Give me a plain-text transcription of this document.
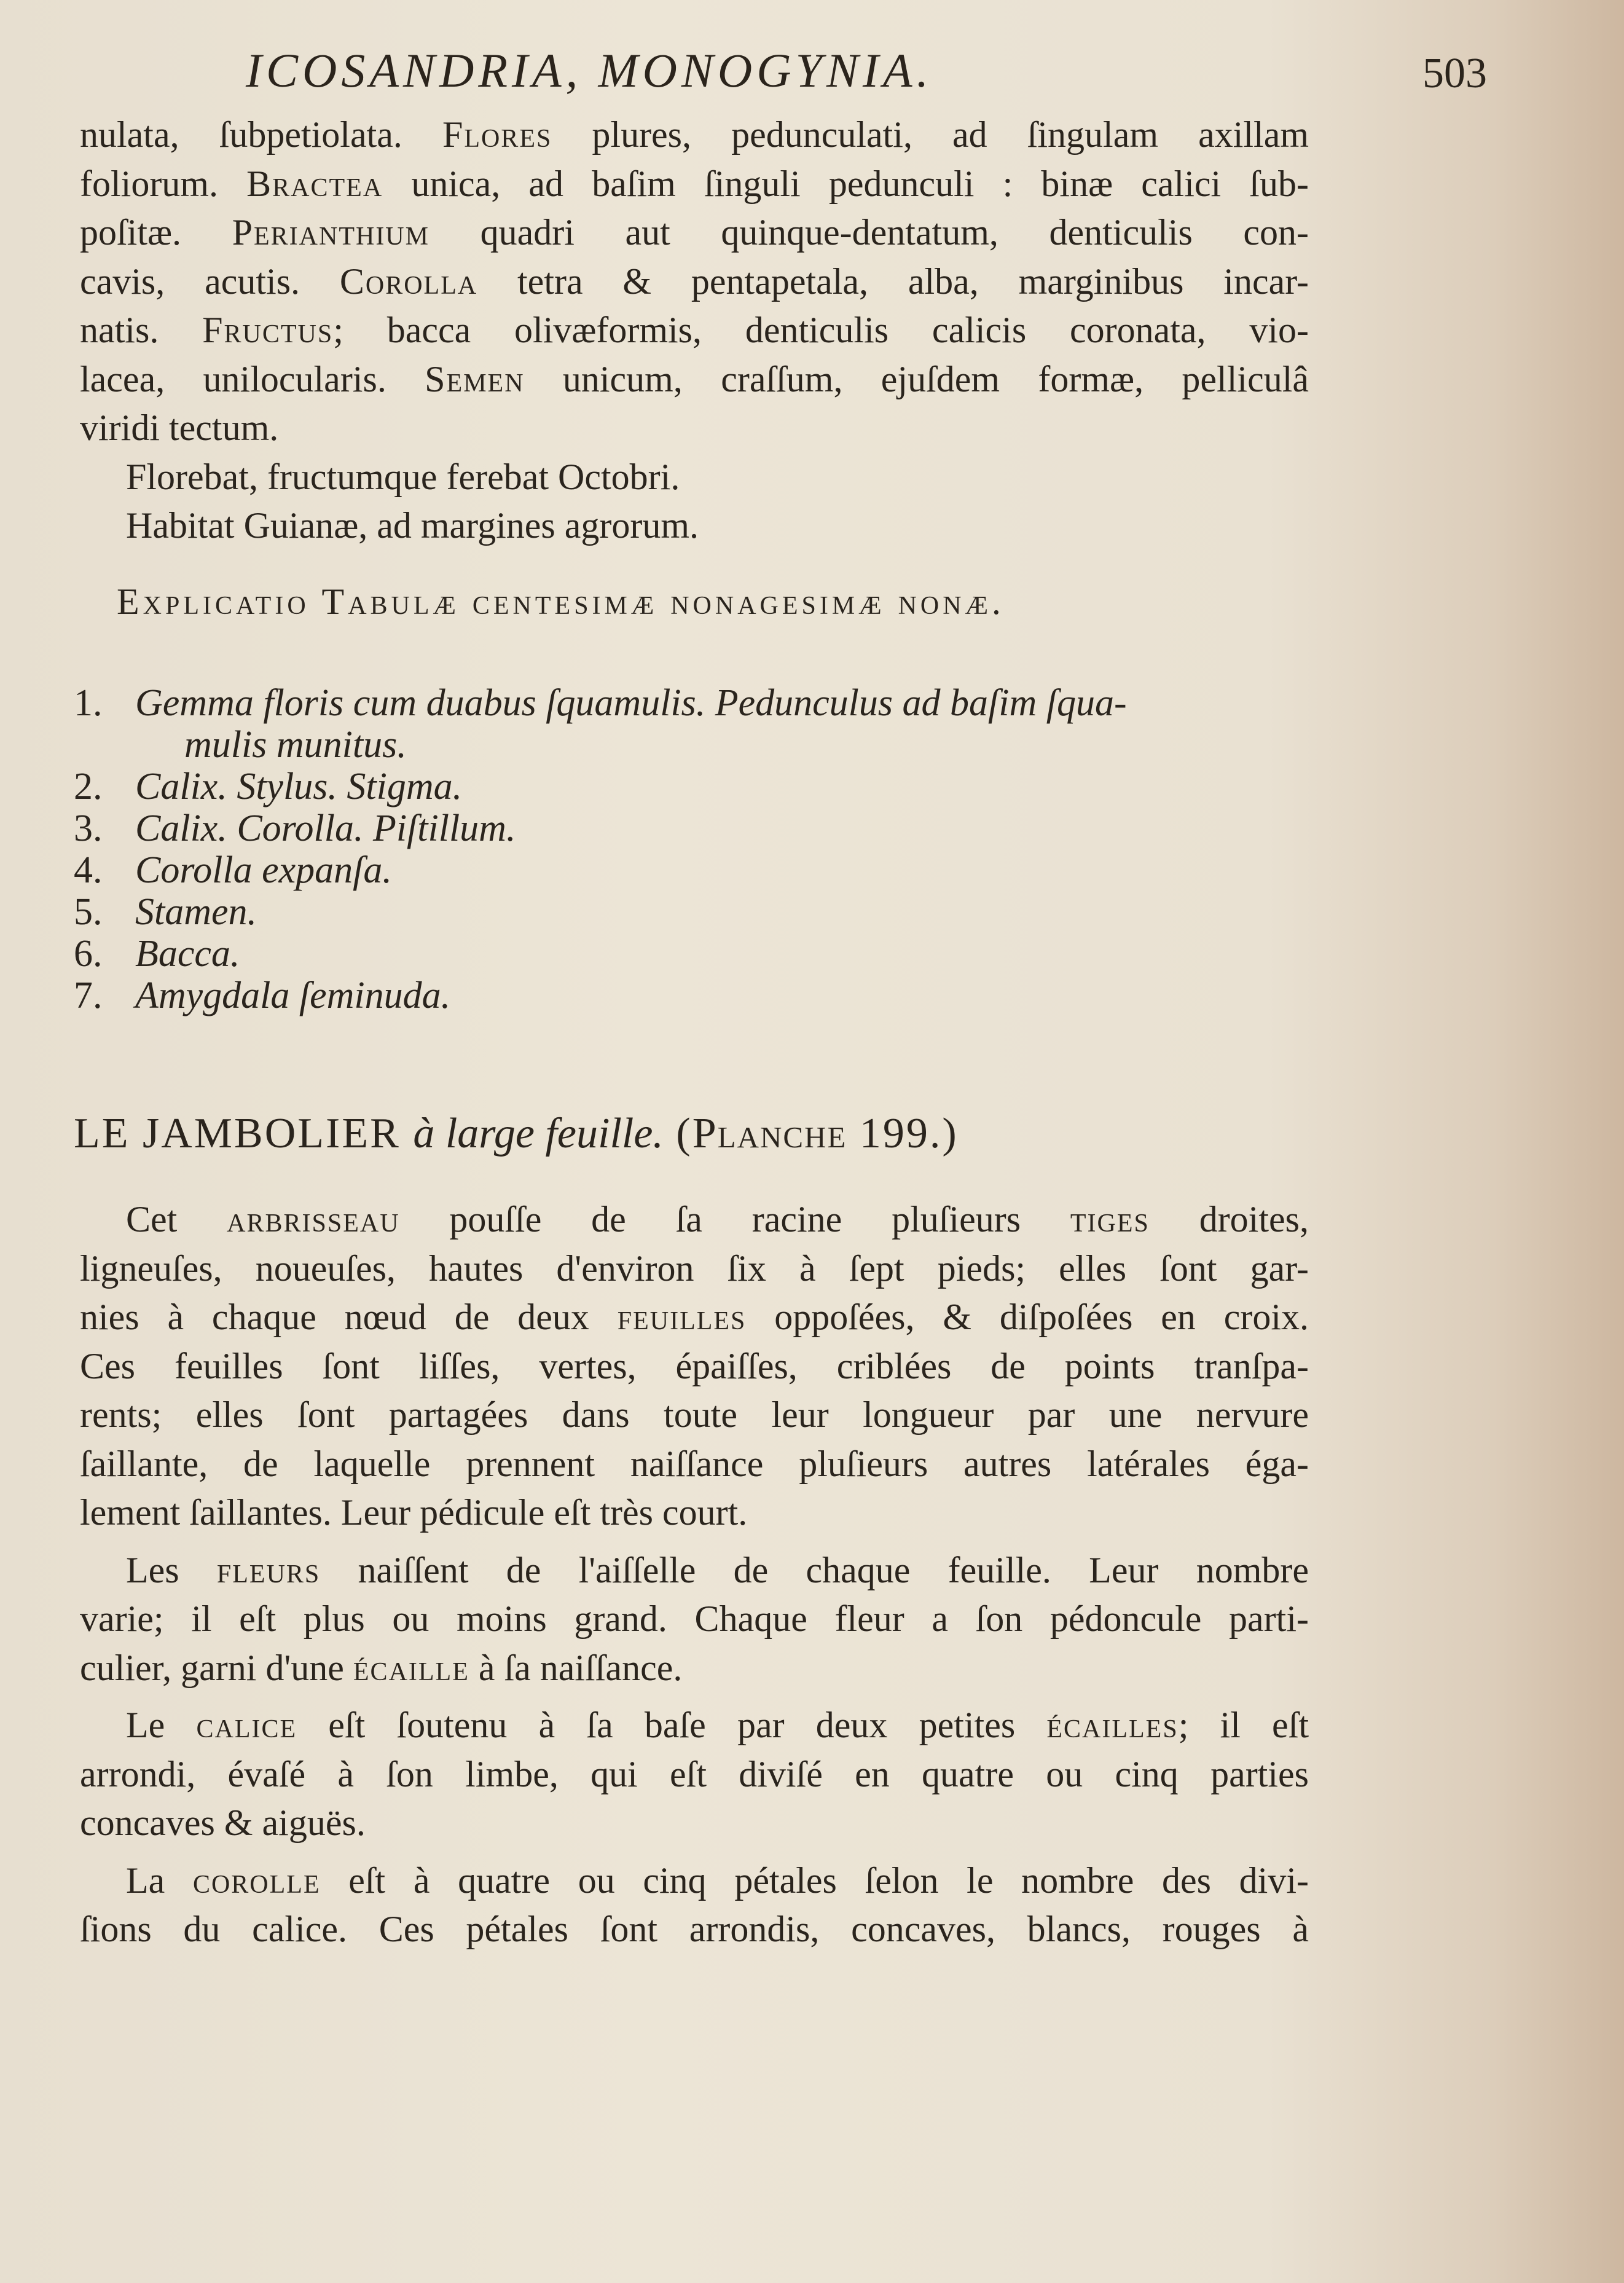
ICOSANDRIA, MONOGYNIA.	503
nulata, ſubpetiolata. Flores plures, pedunculati, ad ſingulam axillam
foliorum. Bractea unica, ad baſim ſinguli pedunculi : binæ calici ſub-
poſitæ. Perianthium quadri aut quinque-dentatum, denticulis con-
cavis, acutis. Corolla tetra & pentapetala, alba, marginibus incar-
natis. Fructus; bacca olivæformis, denticulis calicis coronata, vio-
lacea, unilocularis. Semen unicum, craſſum, ejuſdem formæ, pelliculâ
viridi tectum.
Florebat, fructumque ferebat Octobri.
Habitat Guianæ, ad margines agrorum.
Explicatio Tabulæ centesimæ nonagesimæ nonæ.
1. Gemma floris cum duabus ſquamulis. Pedunculus ad baſim ſqua-
mulis munitus.
2. Calix. Stylus. Stigma.
3. Calix. Corolla. Piſtillum.
4. Corolla expanſa.
5. Stamen.
6. Bacca.
7. Amygdala ſeminuda.
LE JAMBOLIER à large feuille. (Planche 199.)
Cet arbrisseau pouſſe de ſa racine pluſieurs tiges droites,
ligneuſes, noueuſes, hautes d'environ ſix à ſept pieds; elles ſont gar-
nies à chaque nœud de deux feuilles oppoſées, & diſpoſées en croix.
Ces feuilles ſont liſſes, vertes, épaiſſes, criblées de points tranſpa-
rents; elles ſont partagées dans toute leur longueur par une nervure
ſaillante, de laquelle prennent naiſſance pluſieurs autres latérales éga-
lement ſaillantes. Leur pédicule eſt très court.
Les fleurs naiſſent de l'aiſſelle de chaque feuille. Leur nombre
varie; il eſt plus ou moins grand. Chaque fleur a ſon pédoncule parti-
culier, garni d'une écaille à ſa naiſſance.
Le calice eſt ſoutenu à ſa baſe par deux petites écailles; il eſt
arrondi, évaſé à ſon limbe, qui eſt diviſé en quatre ou cinq parties
concaves & aiguës.
La corolle eſt à quatre ou cinq pétales ſelon le nombre des divi-
ſions du calice. Ces pétales ſont arrondis, concaves, blancs, rouges à
